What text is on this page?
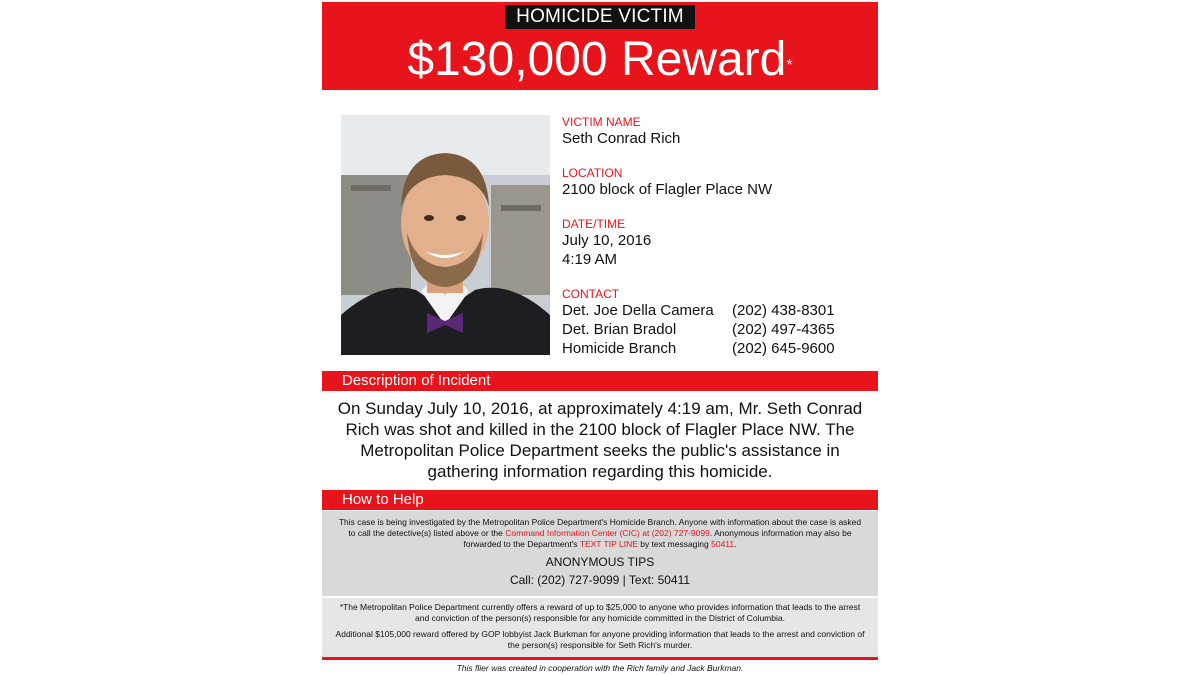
HOMICIDE VICTIM
$130,000 Reward*
VICTIM NAME
Seth Conrad Rich
LOCATION
2100 block of Flagler Place NW
DATE/TIME
July 10, 2016
4:19 AM
CONTACT
Det. Joe Della Camera	(202) 438-8301
Det. Brian Bradol	(202) 497-4365
Homicide Branch	(202) 645-9600
Description of Incident
On Sunday July 10, 2016, at approximately 4:19 am, Mr. Seth Conrad Rich was shot and killed in the 2100 block of Flagler Place NW. The Metropolitan Police Department seeks the public's assistance in gathering information regarding this homicide.
How to Help
This case is being investigated by the Metropolitan Police Department's Homicide Branch. Anyone with information about the case is asked to call the detective(s) listed above or the Command Information Center (CIC) at (202) 727-9099. Anonymous information may also be forwarded to the Department's TEXT TIP LINE by text messaging 50411.
ANONYMOUS TIPS
Call: (202) 727-9099 | Text: 50411
*The Metropolitan Police Department currently offers a reward of up to $25,000 to anyone who provides information that leads to the arrest and conviction of the person(s) responsible for any homicide committed in the District of Columbia.
Additional $105,000 reward offered by GOP lobbyist Jack Burkman for anyone providing information that leads to the arrest and conviction of the person(s) responsible for Seth Rich's murder.
This flier was created in cooperation with the Rich family and Jack Burkman.
